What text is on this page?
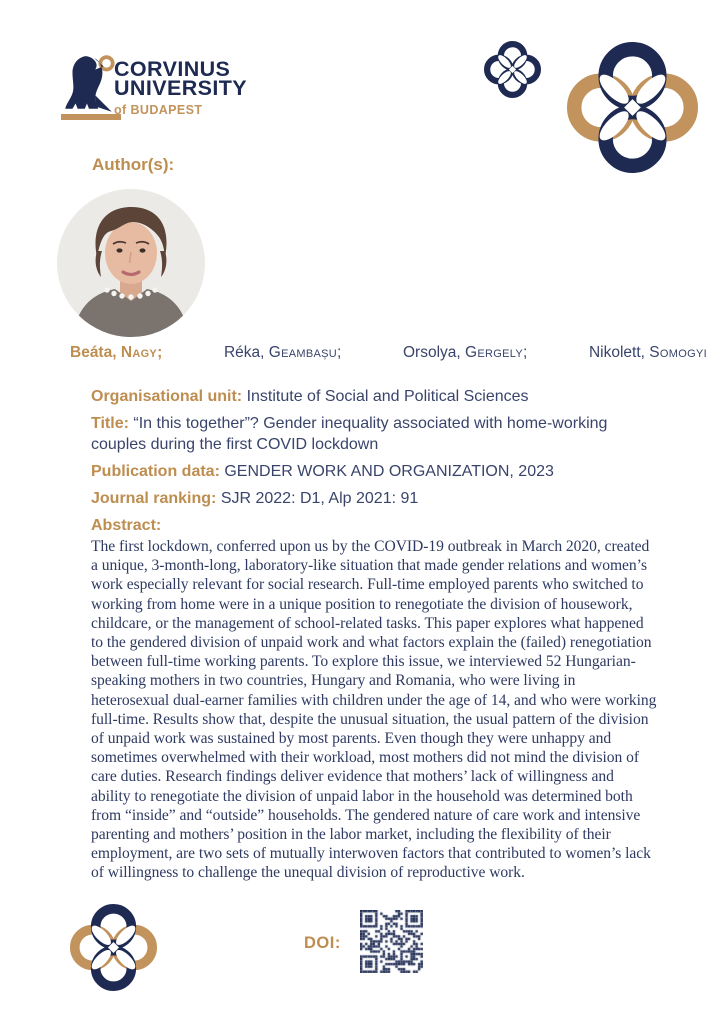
CORVINUS
UNIVERSITY
of BUDAPEST
Author(s):
Beáta, Nagy;	Réka, Geambașu;	Orsolya, Gergely;	Nikolett, Somogyi
Organisational unit: Institute of Social and Political Sciences
Title: “In this together”? Gender inequality associated with home-working couples during the first COVID lockdown
Publication data: GENDER WORK AND ORGANIZATION, 2023
Journal ranking: SJR 2022: D1, Alp 2021: 91
Abstract:
The first lockdown, conferred upon us by the COVID-19 outbreak in March 2020, created a unique, 3-month-long, laboratory-like situation that made gender relations and women’s work especially relevant for social research. Full-time employed parents who switched to working from home were in a unique position to renegotiate the division of housework, childcare, or the management of school-related tasks. This paper explores what happened to the gendered division of unpaid work and what factors explain the (failed) renegotiation between full-time working parents. To explore this issue, we interviewed 52 Hungarian-speaking mothers in two countries, Hungary and Romania, who were living in heterosexual dual-earner families with children under the age of 14, and who were working full-time. Results show that, despite the unusual situation, the usual pattern of the division of unpaid work was sustained by most parents. Even though they were unhappy and sometimes overwhelmed with their workload, most mothers did not mind the division of care duties. Research findings deliver evidence that mothers’ lack of willingness and ability to renegotiate the division of unpaid labor in the household was determined both from “inside” and “outside” households. The gendered nature of care work and intensive parenting and mothers’ position in the labor market, including the flexibility of their employment, are two sets of mutually interwoven factors that contributed to women’s lack of willingness to challenge the unequal division of reproductive work.
DOI:
